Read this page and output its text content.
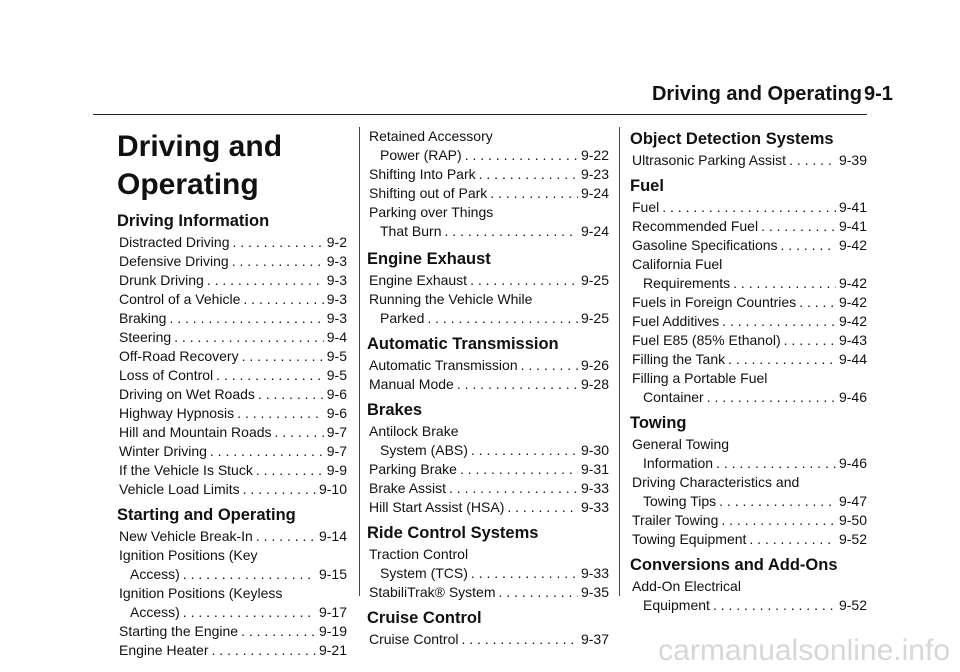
Driving and Operating 9-1
Driving and
Operating
Driving Information
Distracted Driving . . .	9-2
Defensive Driving . . .	9-3
Drunk Driving . . .	9-3
Control of a Vehicle . . .	9-3
Braking . . .	9-3
Steering . . .	9-4
Off-Road Recovery . . .	9-5
Loss of Control . . .	9-5
Driving on Wet Roads . . .	9-6
Highway Hypnosis . . .	9-6
Hill and Mountain Roads . . .	9-7
Winter Driving . . .	9-7
If the Vehicle Is Stuck . . .	9-9
Vehicle Load Limits . . .	9-10
Starting and Operating
New Vehicle Break-In . . .	9-14
Ignition Positions (Key
Access) . . .	9-15
Ignition Positions (Keyless
Access) . . .	9-17
Starting the Engine . . .	9-19
Engine Heater . . .	9-21
Retained Accessory
Power (RAP) . . .	9-22
Shifting Into Park . . .	9-23
Shifting out of Park . . .	9-24
Parking over Things
That Burn . . .	9-24
Engine Exhaust
Engine Exhaust . . .	9-25
Running the Vehicle While
Parked . . .	9-25
Automatic Transmission
Automatic Transmission . . .	9-26
Manual Mode . . .	9-28
Brakes
Antilock Brake
System (ABS) . . .	9-30
Parking Brake . . .	9-31
Brake Assist . . .	9-33
Hill Start Assist (HSA) . . .	9-33
Ride Control Systems
Traction Control
System (TCS) . . .	9-33
StabiliTrak® System . . .	9-35
Cruise Control
Cruise Control . . .	9-37
Object Detection Systems
Ultrasonic Parking Assist . . .	9-39
Fuel
Fuel . . .	9-41
Recommended Fuel . . .	9-41
Gasoline Specifications . . .	9-42
California Fuel
Requirements . . .	9-42
Fuels in Foreign Countries . . .	9-42
Fuel Additives . . .	9-42
Fuel E85 (85% Ethanol) . . .	9-43
Filling the Tank . . .	9-44
Filling a Portable Fuel
Container . . .	9-46
Towing
General Towing
Information . . .	9-46
Driving Characteristics and
Towing Tips . . .	9-47
Trailer Towing . . .	9-50
Towing Equipment . . .	9-52
Conversions and Add-Ons
Add-On Electrical
Equipment . . .	9-52
carmanualsonline.info
